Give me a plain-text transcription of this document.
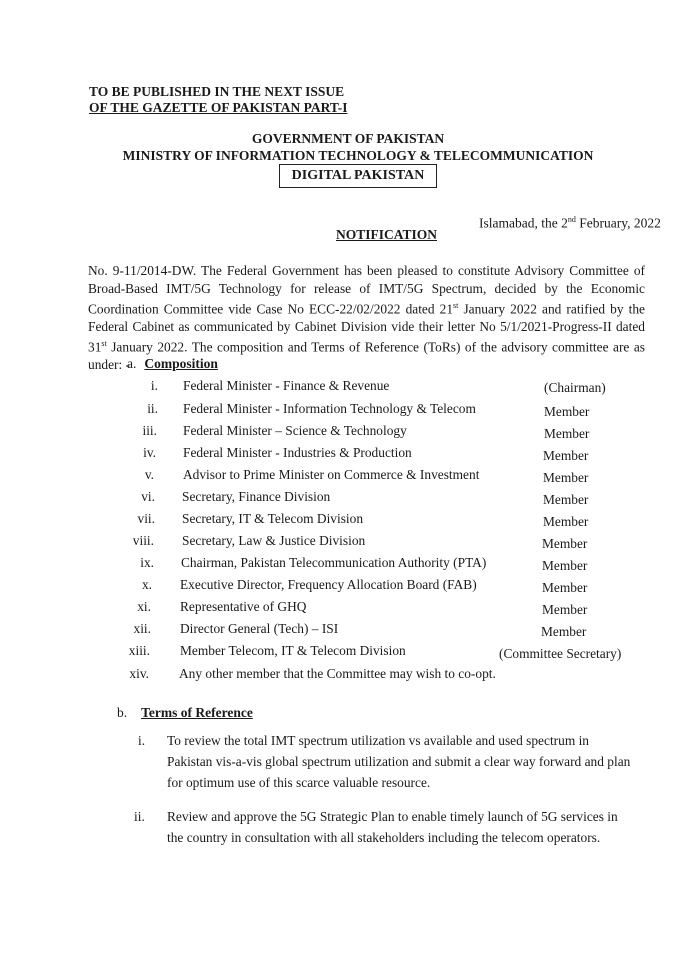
TO BE PUBLISHED IN THE NEXT ISSUE
OF THE GAZETTE OF PAKISTAN PART-I
GOVERNMENT OF PAKISTAN
MINISTRY OF INFORMATION TECHNOLOGY & TELECOMMUNICATION
DIGITAL PAKISTAN
Islamabad, the 2nd February, 2022
NOTIFICATION
No. 9-11/2014-DW. The Federal Government has been pleased to constitute Advisory Committee of Broad-Based IMT/5G Technology for release of IMT/5G Spectrum, decided by the Economic Coordination Committee vide Case No ECC-22/02/2022 dated 21st January 2022 and ratified by the Federal Cabinet as communicated by Cabinet Division vide their letter No 5/1/2021-Progress-II dated 31st January 2022. The composition and Terms of Reference (ToRs) of the advisory committee are as under: -
a. Composition
i. Federal Minister - Finance & Revenue	(Chairman)
ii. Federal Minister - Information Technology & Telecom	Member
iii. Federal Minister – Science & Technology	Member
iv. Federal Minister - Industries & Production	Member
v. Advisor to Prime Minister on Commerce & Investment	Member
vi. Secretary, Finance Division	Member
vii. Secretary, IT & Telecom Division	Member
viii. Secretary, Law & Justice Division	Member
ix. Chairman, Pakistan Telecommunication Authority (PTA)	Member
x. Executive Director, Frequency Allocation Board (FAB)	Member
xi. Representative of GHQ	Member
xii. Director General (Tech) – ISI	Member
xiii. Member Telecom, IT & Telecom Division	(Committee Secretary)
xiv. Any other member that the Committee may wish to co-opt.
b. Terms of Reference
i.	To review the total IMT spectrum utilization vs available and used spectrum in Pakistan vis-a-vis global spectrum utilization and submit a clear way forward and plan for optimum use of this scarce valuable resource.
ii.	Review and approve the 5G Strategic Plan to enable timely launch of 5G services in the country in consultation with all stakeholders including the telecom operators.
